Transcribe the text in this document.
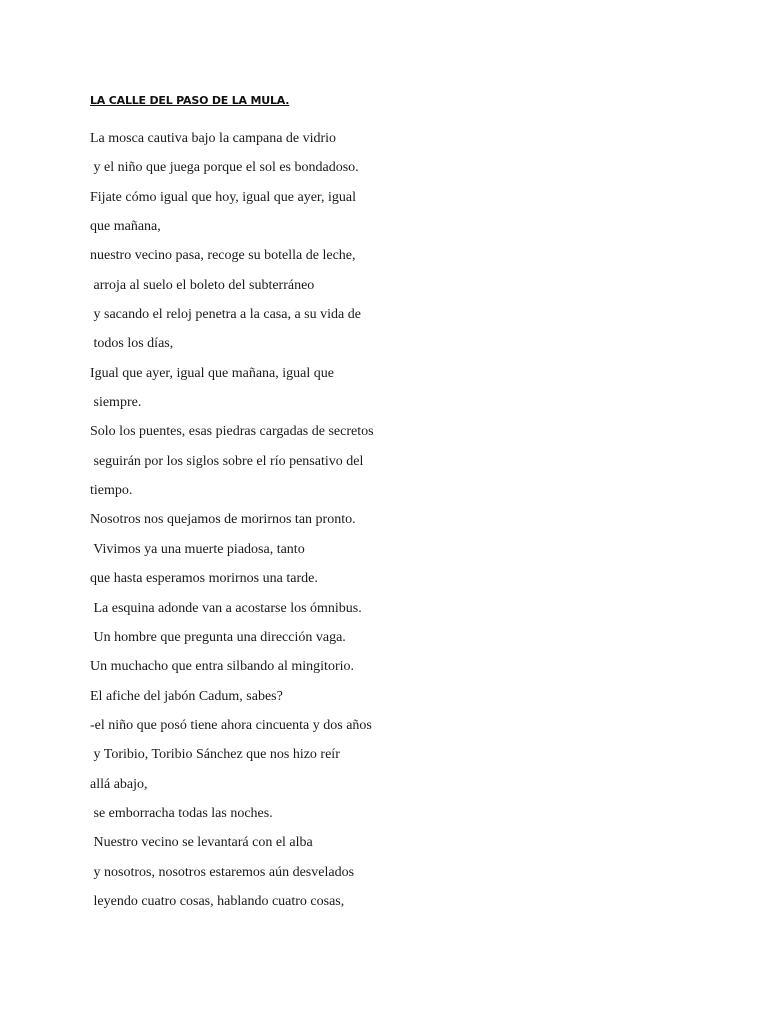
LA CALLE DEL PASO DE LA MULA.
La mosca cautiva bajo la campana de vidrio
y el niño que juega porque el sol es bondadoso.
Fijate cómo igual que hoy, igual que ayer, igual
que mañana,
nuestro vecino pasa, recoge su botella de leche,
arroja al suelo el boleto del subterráneo
y sacando el reloj penetra a la casa, a su vida de
todos los días,
Igual que ayer, igual que mañana, igual que
siempre.
Solo los puentes, esas piedras cargadas de secretos
seguirán por los siglos sobre el río pensativo del
tiempo.
Nosotros nos quejamos de morirnos tan pronto.
Vivimos ya una muerte piadosa, tanto
que hasta esperamos morirnos una tarde.
La esquina adonde van a acostarse los ómnibus.
Un hombre que pregunta una dirección vaga.
Un muchacho que entra silbando al mingitorio.
El afiche del jabón Cadum, sabes?
-el niño que posó tiene ahora cincuenta y dos años
y Toribio, Toribio Sánchez que nos hizo reír
allá abajo,
se emborracha todas las noches.
Nuestro vecino se levantará con el alba
y nosotros, nosotros estaremos aún desvelados
leyendo cuatro cosas, hablando cuatro cosas,
